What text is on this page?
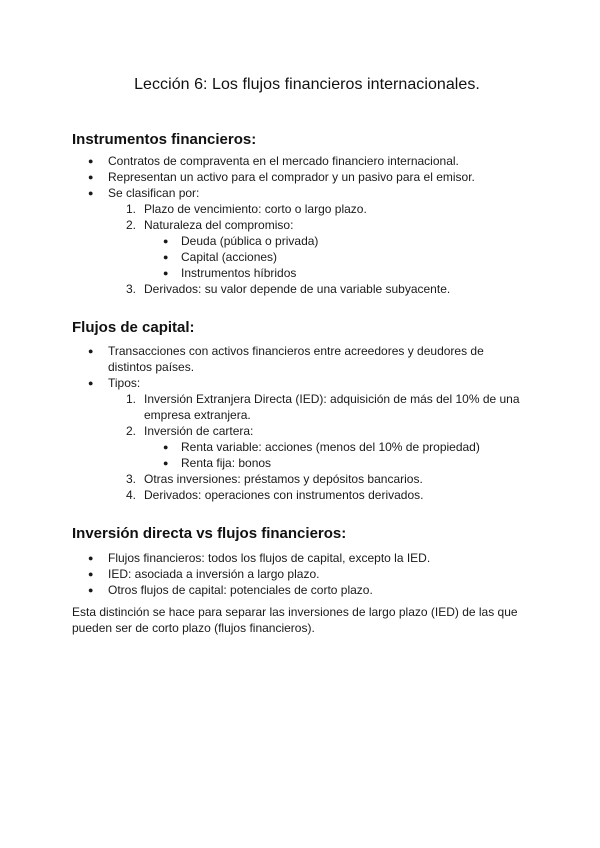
Lección 6: Los flujos financieros internacionales.
Instrumentos financieros:
● Contratos de compraventa en el mercado financiero internacional.
● Representan un activo para el comprador y un pasivo para el emisor.
● Se clasifican por:
1. Plazo de vencimiento: corto o largo plazo.
2. Naturaleza del compromiso:
● Deuda (pública o privada)
● Capital (acciones)
● Instrumentos híbridos
3. Derivados: su valor depende de una variable subyacente.
Flujos de capital:
● Transacciones con activos financieros entre acreedores y deudores de distintos países.
● Tipos:
1. Inversión Extranjera Directa (IED): adquisición de más del 10% de una empresa extranjera.
2. Inversión de cartera:
● Renta variable: acciones (menos del 10% de propiedad)
● Renta fija: bonos
3. Otras inversiones: préstamos y depósitos bancarios.
4. Derivados: operaciones con instrumentos derivados.
Inversión directa vs flujos financieros:
● Flujos financieros: todos los flujos de capital, excepto la IED.
● IED: asociada a inversión a largo plazo.
● Otros flujos de capital: potenciales de corto plazo.

Esta distinción se hace para separar las inversiones de largo plazo (IED) de las que pueden ser de corto plazo (flujos financieros).
